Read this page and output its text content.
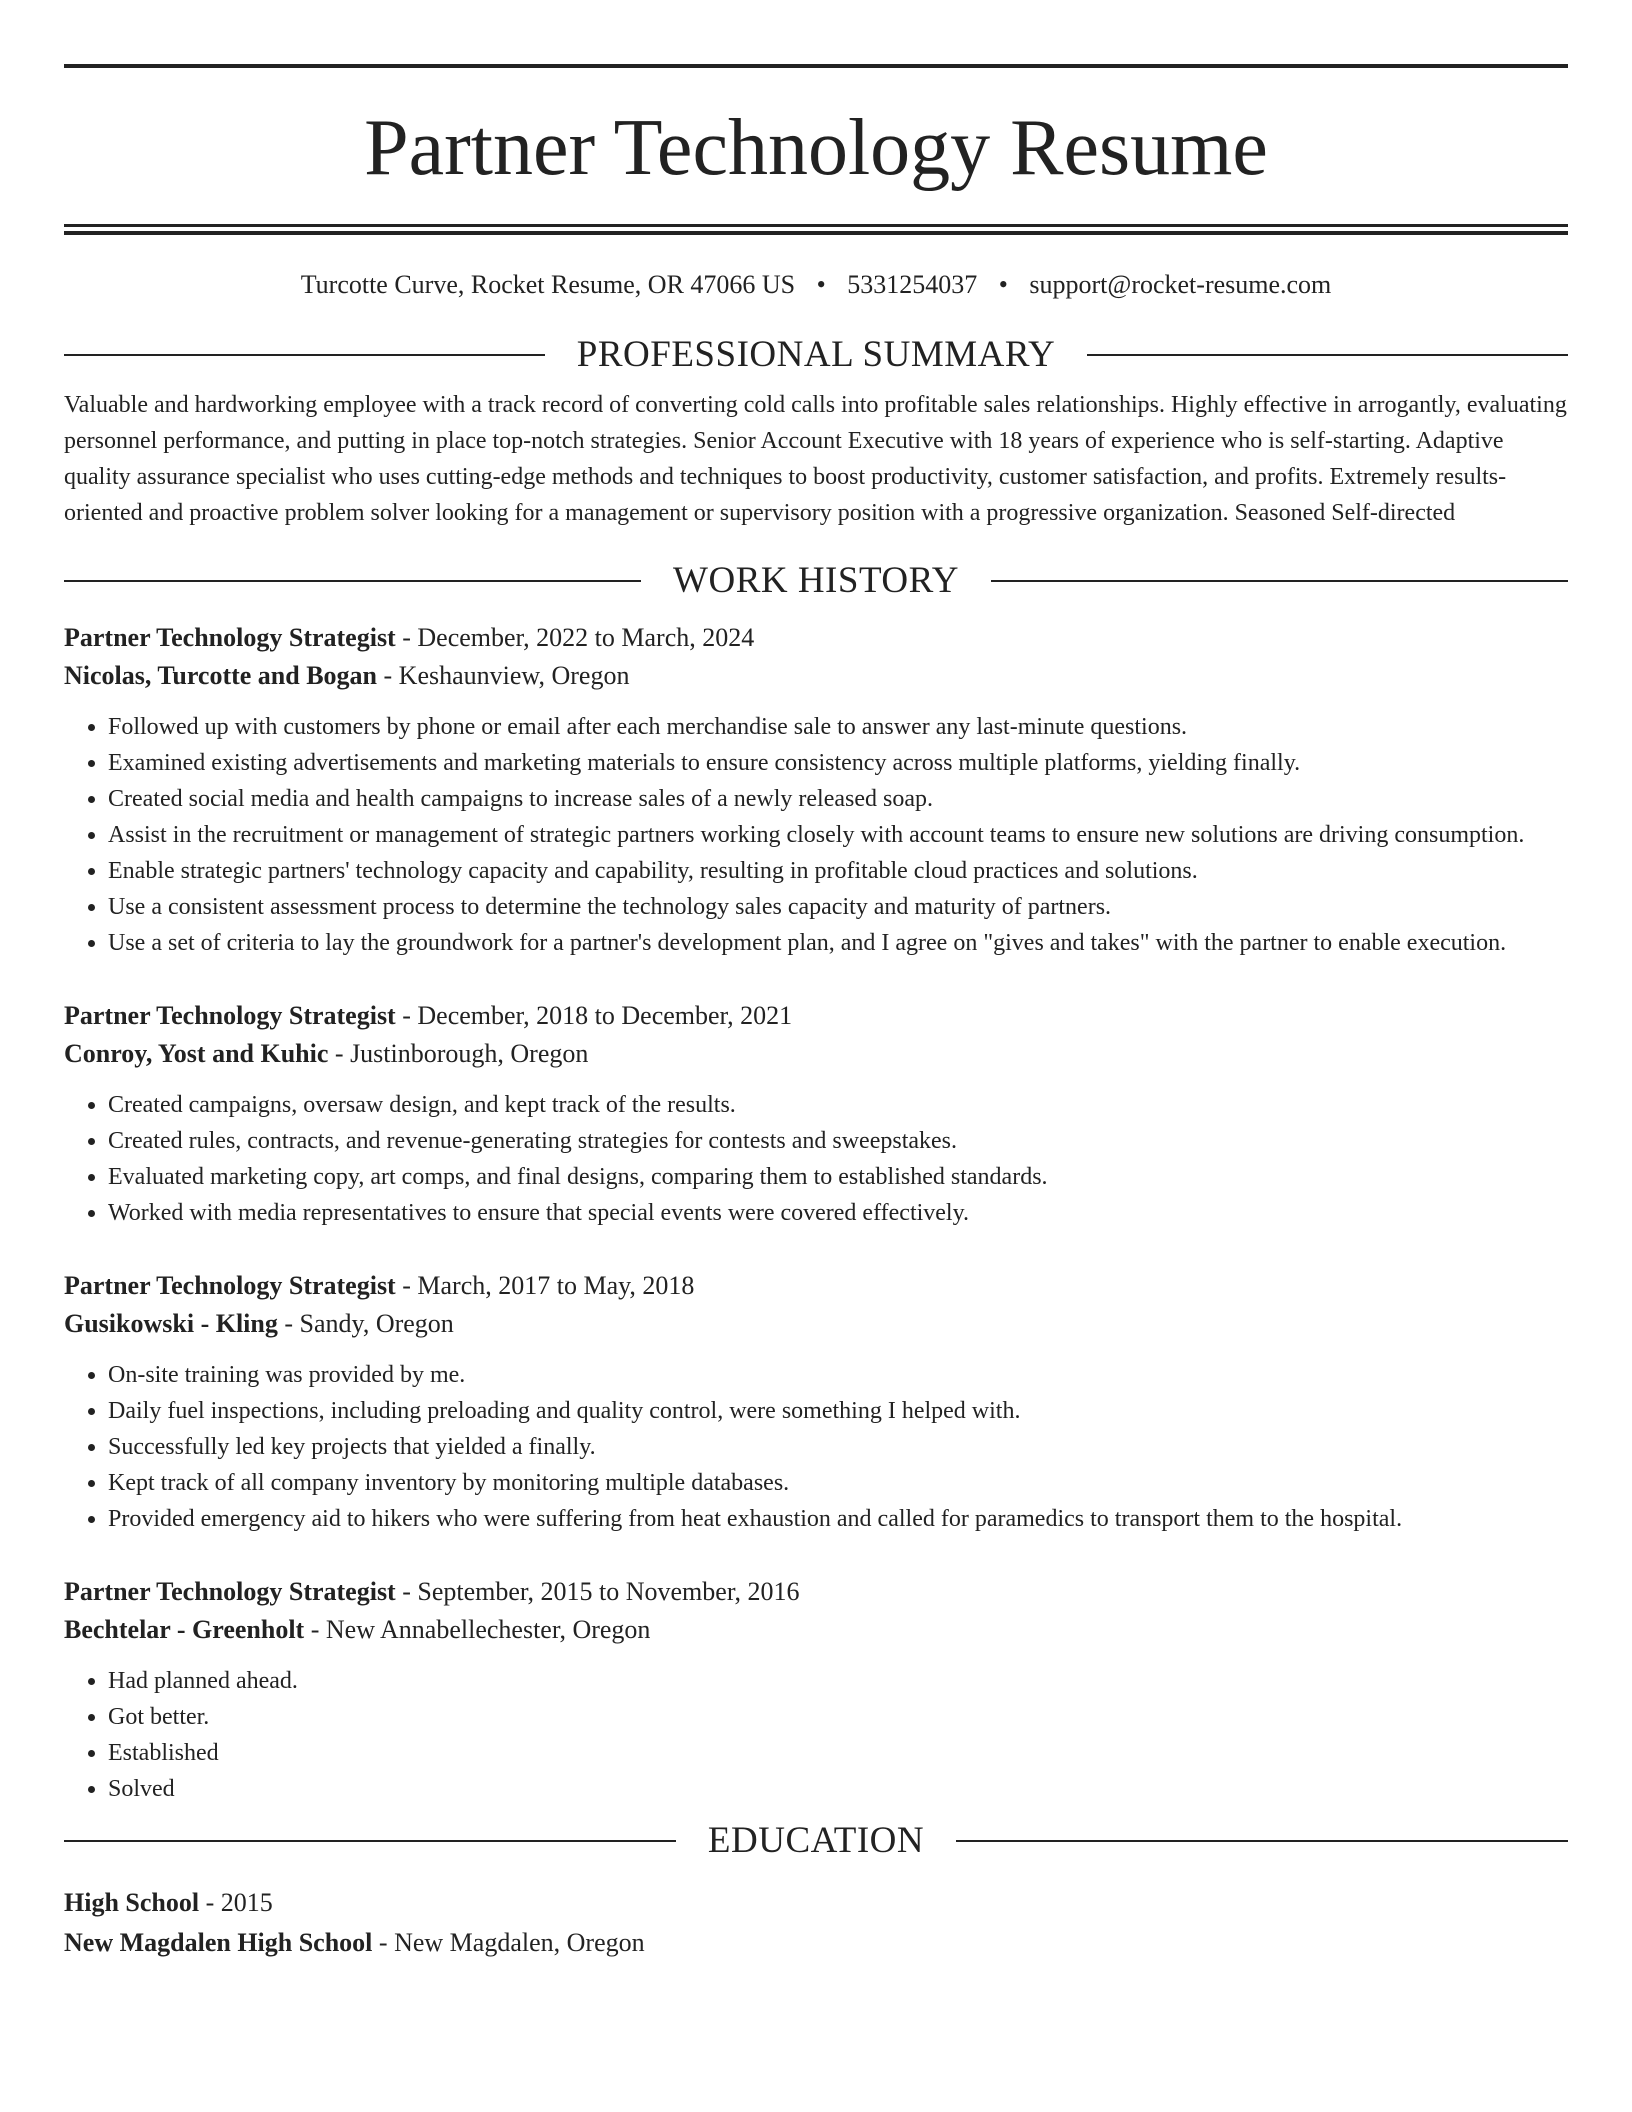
Partner Technology Resume
Turcotte Curve, Rocket Resume, OR 47066 US • 5331254037 • support@rocket-resume.com
PROFESSIONAL SUMMARY
Valuable and hardworking employee with a track record of converting cold calls into profitable sales relationships. Highly effective in arrogantly, evaluating personnel performance, and putting in place top-notch strategies. Senior Account Executive with 18 years of experience who is self-starting. Adaptive quality assurance specialist who uses cutting-edge methods and techniques to boost productivity, customer satisfaction, and profits. Extremely results-oriented and proactive problem solver looking for a management or supervisory position with a progressive organization. Seasoned Self-directed
WORK HISTORY
Partner Technology Strategist - December, 2022 to March, 2024
Nicolas, Turcotte and Bogan - Keshaunview, Oregon
• Followed up with customers by phone or email after each merchandise sale to answer any last-minute questions.
• Examined existing advertisements and marketing materials to ensure consistency across multiple platforms, yielding finally.
• Created social media and health campaigns to increase sales of a newly released soap.
• Assist in the recruitment or management of strategic partners working closely with account teams to ensure new solutions are driving consumption.
• Enable strategic partners' technology capacity and capability, resulting in profitable cloud practices and solutions.
• Use a consistent assessment process to determine the technology sales capacity and maturity of partners.
• Use a set of criteria to lay the groundwork for a partner's development plan, and I agree on "gives and takes" with the partner to enable execution.
Partner Technology Strategist - December, 2018 to December, 2021
Conroy, Yost and Kuhic - Justinborough, Oregon
• Created campaigns, oversaw design, and kept track of the results.
• Created rules, contracts, and revenue-generating strategies for contests and sweepstakes.
• Evaluated marketing copy, art comps, and final designs, comparing them to established standards.
• Worked with media representatives to ensure that special events were covered effectively.
Partner Technology Strategist - March, 2017 to May, 2018
Gusikowski - Kling - Sandy, Oregon
• On-site training was provided by me.
• Daily fuel inspections, including preloading and quality control, were something I helped with.
• Successfully led key projects that yielded a finally.
• Kept track of all company inventory by monitoring multiple databases.
• Provided emergency aid to hikers who were suffering from heat exhaustion and called for paramedics to transport them to the hospital.
Partner Technology Strategist - September, 2015 to November, 2016
Bechtelar - Greenholt - New Annabellechester, Oregon
• Had planned ahead.
• Got better.
• Established
• Solved
EDUCATION
High School - 2015
New Magdalen High School - New Magdalen, Oregon
